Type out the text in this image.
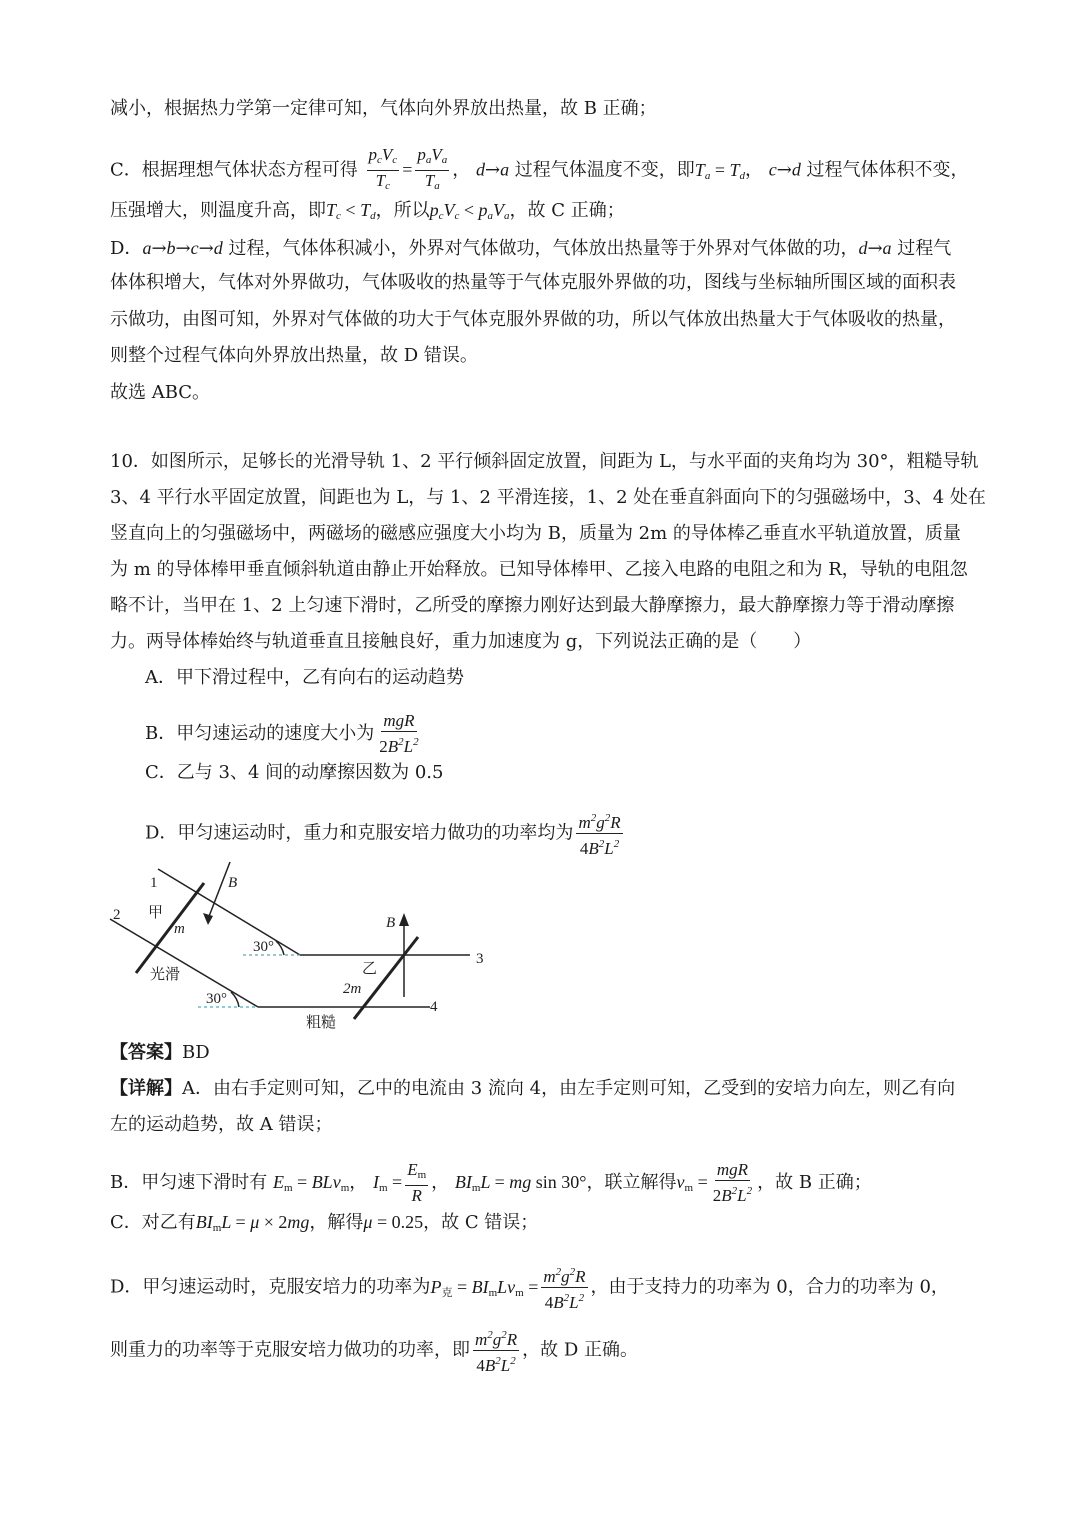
减小，根据热力学第一定律可知，气体向外界放出热量，故 B 正确；
C．根据理想气体状态方程可得 $\frac{p_cV_c}{T_c} = \frac{p_aV_a}{T_a}$ ， d→a 过程气体温度不变，即$T_a = T_d$， c→d 过程气体体积不变，
压强增大，则温度升高，即$T_c < T_d$，所以$p_cV_c < p_aV_a$，故 C 正确；
D．a→b→c→d 过程，气体体积减小，外界对气体做功，气体放出热量等于外界对气体做的功，d→a 过程气
体体积增大，气体对外界做功，气体吸收的热量等于气体克服外界做的功，图线与坐标轴所围区域的面积表
示做功，由图可知，外界对气体做的功大于气体克服外界做的功，所以气体放出热量大于气体吸收的热量，
则整个过程气体向外界放出热量，故 D 错误。
故选 ABC。
10．如图所示，足够长的光滑导轨 1、2 平行倾斜固定放置，间距为 L，与水平面的夹角均为 30°，粗糙导轨
3、4 平行水平固定放置，间距也为 L，与 1、2 平滑连接，1、2 处在垂直斜面向下的匀强磁场中，3、4 处在
竖直向上的匀强磁场中，两磁场的磁感应强度大小均为 B，质量为 2m 的导体棒乙垂直水平轨道放置，质量
为 m 的导体棒甲垂直倾斜轨道由静止开始释放。已知导体棒甲、乙接入电路的电阻之和为 R，导轨的电阻忽
略不计，当甲在 1、2 上匀速下滑时，乙所受的摩擦力刚好达到最大静摩擦力，最大静摩擦力等于滑动摩擦
力。两导体棒始终与轨道垂直且接触良好，重力加速度为 g，下列说法正确的是（　　）
A．甲下滑过程中，乙有向右的运动趋势
B．甲匀速运动的速度大小为 $\frac{\text{mgR}}{2B^2L^2}$
C．乙与 3、4 间的动摩擦因数为 0.5
D．甲匀速运动时，重力和克服安培力做功的功率均为 $\frac{m^2g^2R}{4B^2L^2}$
1
2
3
4
B
B
甲
m
乙
2m
光滑
粗糙
30°
30°
【答案】BD
【详解】A．由右手定则可知，乙中的电流由 3 流向 4，由左手定则可知，乙受到的安培力向左，则乙有向
左的运动趋势，故 A 错误；
B．甲匀速下滑时有 $E_m = BLv_m$， $I_m = \frac{E_m}{R}$ ， $BI_mL$ = mg sin 30°，联立解得$v_m = \frac{\text{mgR}}{2B^2L^2}$ ，故 B 正确；
C．对乙有$BI_mL = \mu \times 2mg$，解得μ = 0.25，故 C 错误；
D．甲匀速运动时，克服安培力的功率为$P_克 = BI_mLv_m = \frac{m^2g^2R}{4B^2L^2}$ ，由于支持力的功率为 0，合力的功率为 0，
则重力的功率等于克服安培力做功的功率，即 $\frac{m^2g^2R}{4B^2L^2}$ ，故 D 正确。
